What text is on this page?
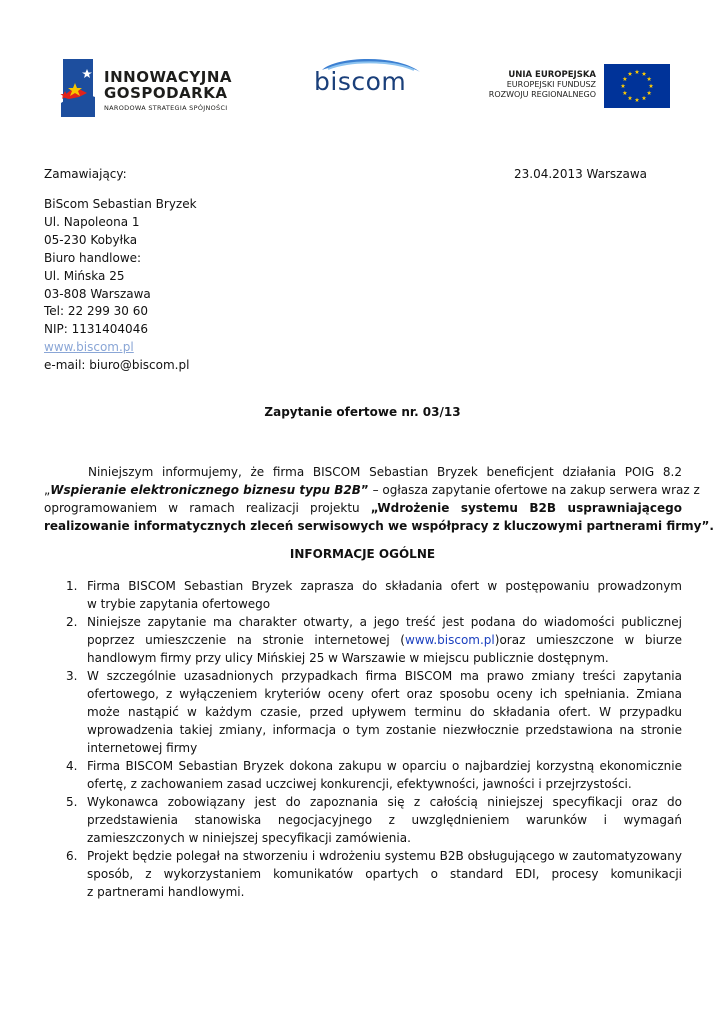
INNOWACYJNA
GOSPODARKA
NARODOWA STRATEGIA SPÓJNOŚCI
biscom	UNIA EUROPEJSKA
EUROPEJSKI FUNDUSZ
ROZWOJU REGIONALNEGO
Zamawiający:	23.04.2013 Warszawa
BiScom Sebastian Bryzek
Ul. Napoleona 1
05-230 Kobyłka
Biuro handlowe:
Ul. Mińska 25
03-808 Warszawa
Tel: 22 299 30 60
NIP: 1131404046
www.biscom.pl
e-mail: biuro@biscom.pl
Zapytanie ofertowe nr. 03/13
Niniejszym informujemy, że firma BISCOM Sebastian Bryzek beneficjent działania POIG 8.2
„Wspieranie elektronicznego biznesu typu B2B” – ogłasza zapytanie ofertowe na zakup serwera wraz z
oprogramowaniem w ramach realizacji projektu „Wdrożenie systemu B2B usprawniającego
realizowanie informatycznych zleceń serwisowych we współpracy z kluczowymi partnerami firmy”.
INFORMACJE OGÓLNE
1. Firma BISCOM Sebastian Bryzek zaprasza do składania ofert w postępowaniu prowadzonym
w trybie zapytania ofertowego
2. Niniejsze zapytanie ma charakter otwarty, a jego treść jest podana do wiadomości publicznej
poprzez umieszczenie na stronie internetowej (www.biscom.pl)oraz umieszczone w biurze
handlowym firmy przy ulicy Mińskiej 25 w Warszawie w miejscu publicznie dostępnym.
3. W szczególnie uzasadnionych przypadkach firma BISCOM ma prawo zmiany treści zapytania
ofertowego, z wyłączeniem kryteriów oceny ofert oraz sposobu oceny ich spełniania. Zmiana
może nastąpić w każdym czasie, przed upływem terminu do składania ofert. W przypadku
wprowadzenia takiej zmiany, informacja o tym zostanie niezwłocznie przedstawiona na stronie
internetowej firmy
4. Firma BISCOM Sebastian Bryzek dokona zakupu w oparciu o najbardziej korzystną ekonomicznie
ofertę, z zachowaniem zasad uczciwej konkurencji, efektywności, jawności i przejrzystości.
5. Wykonawca zobowiązany jest do zapoznania się z całością niniejszej specyfikacji oraz do
przedstawienia stanowiska negocjacyjnego z uwzględnieniem warunków i wymagań
zamieszczonych w niniejszej specyfikacji zamówienia.
6. Projekt będzie polegał na stworzeniu i wdrożeniu systemu B2B obsługującego w zautomatyzowany
sposób, z wykorzystaniem komunikatów opartych o standard EDI, procesy komunikacji
z partnerami handlowymi.
